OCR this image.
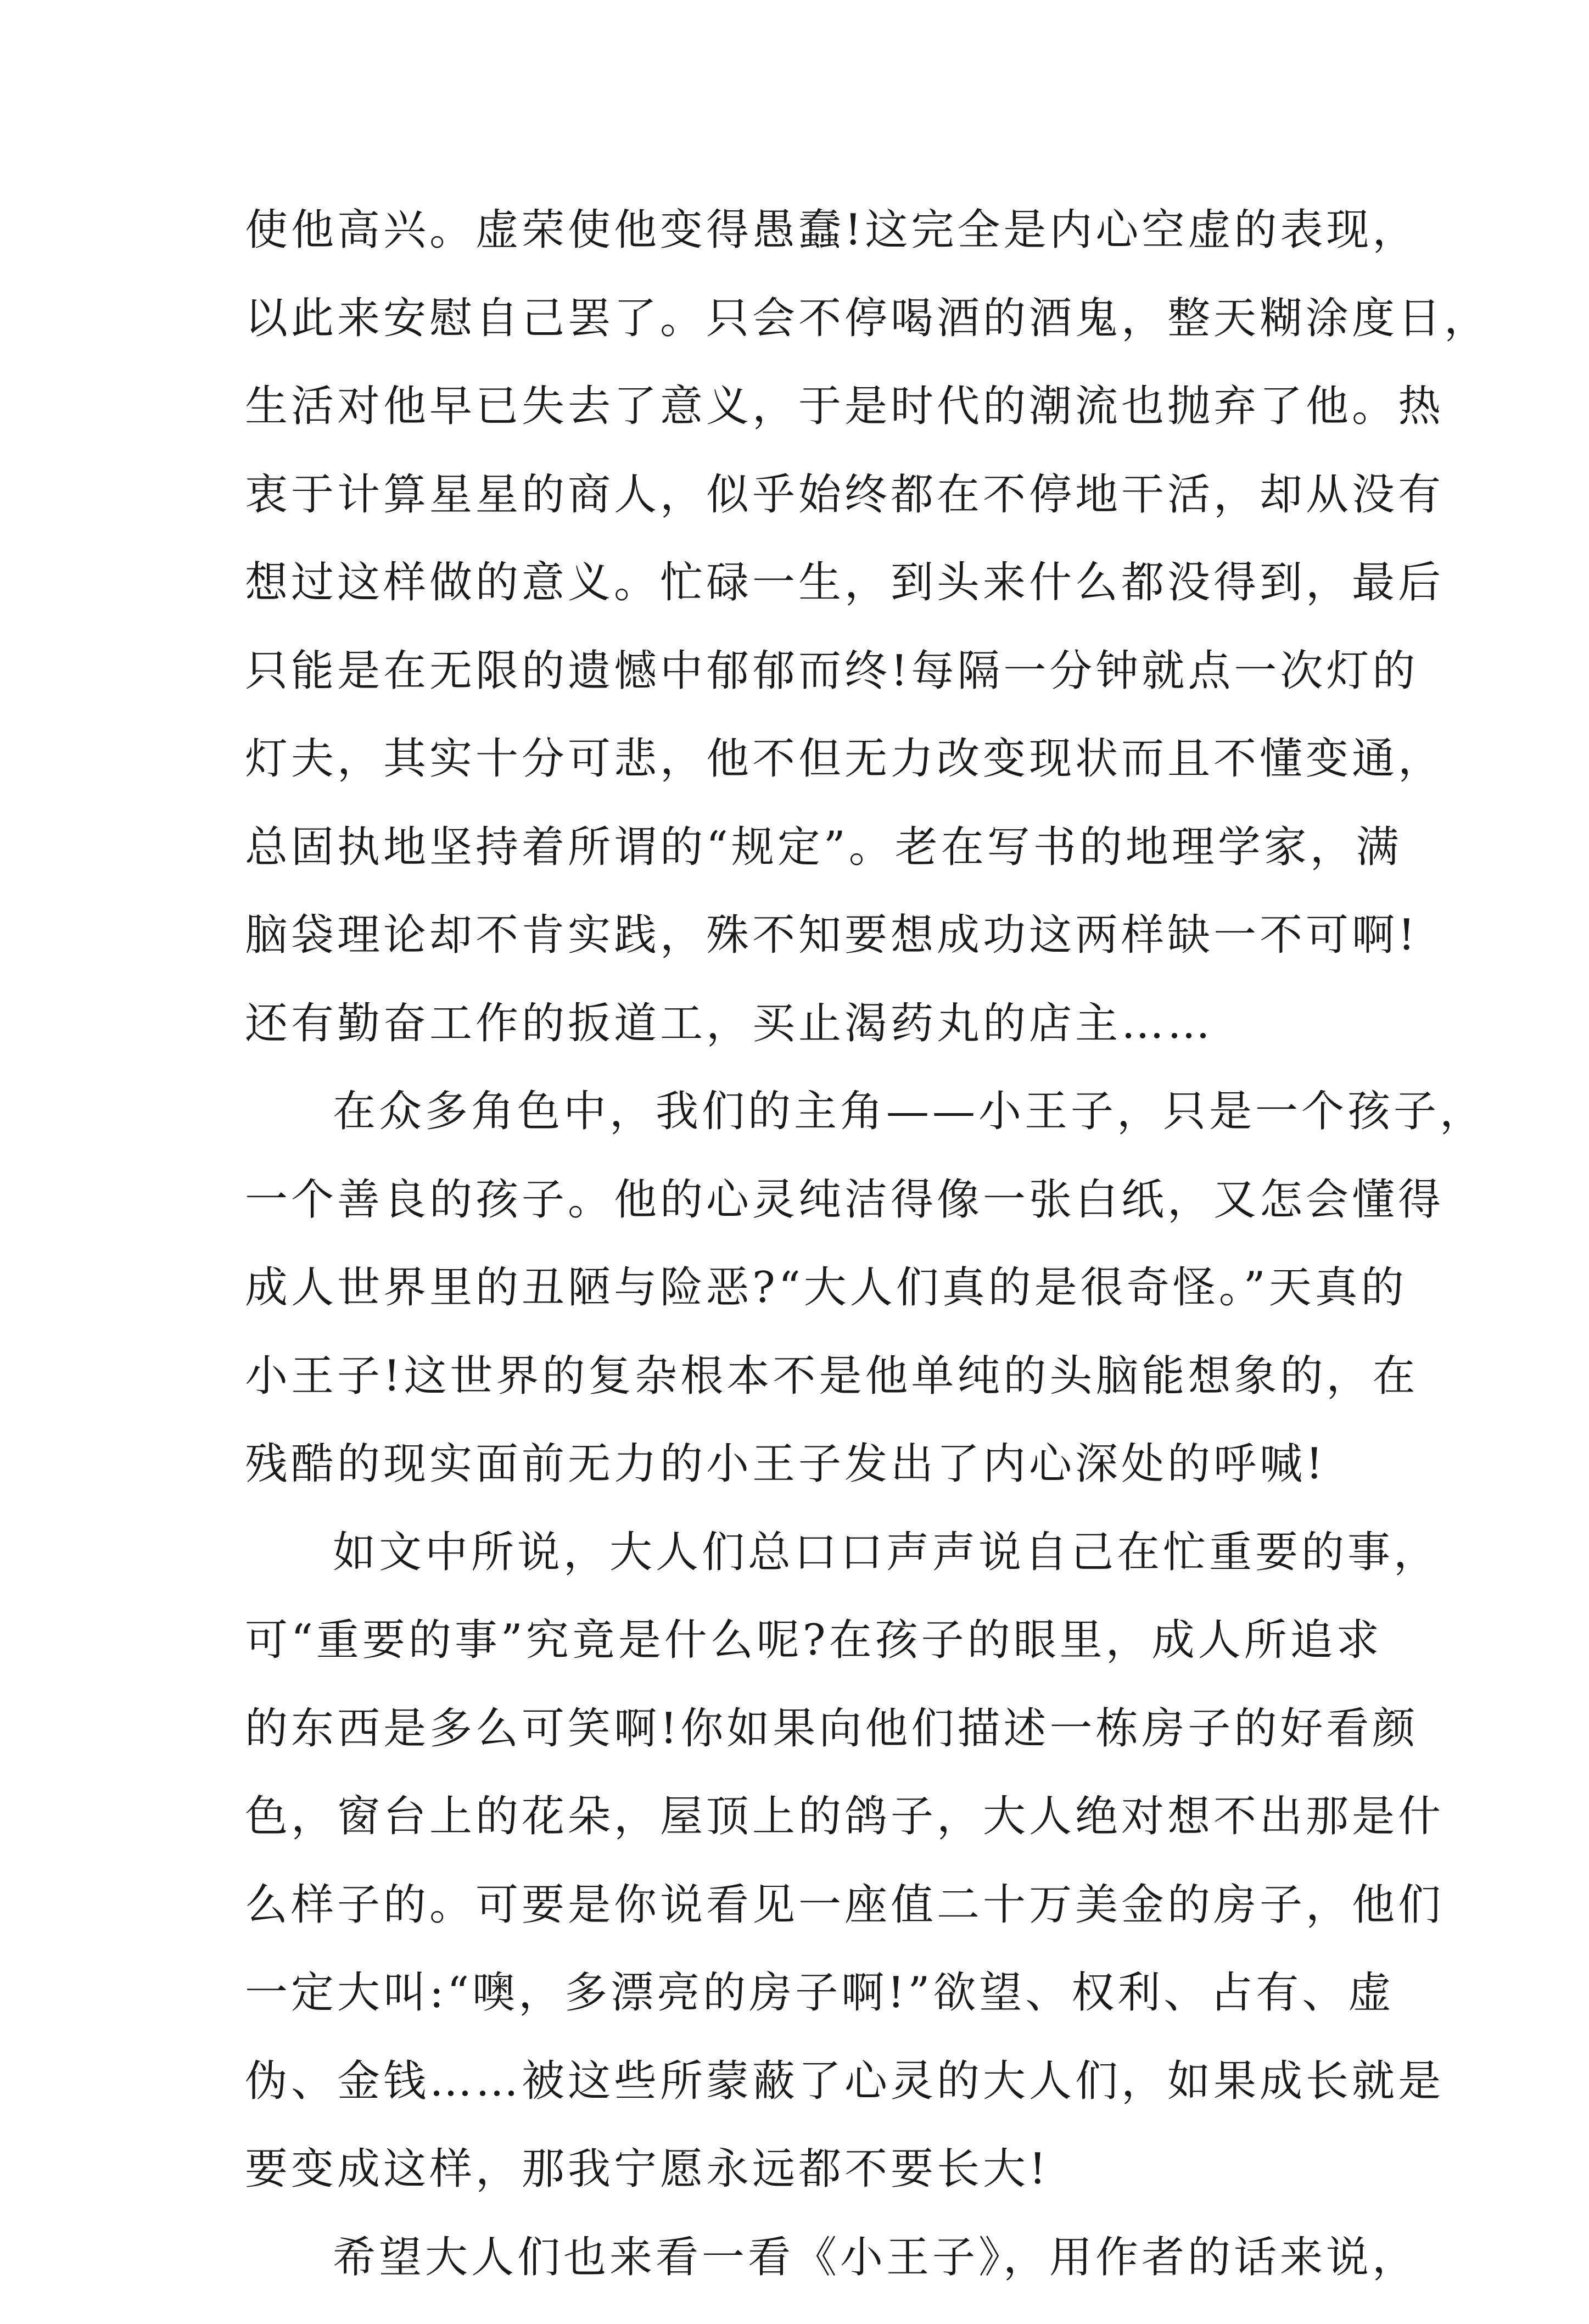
使他高兴。虚荣使他变得愚蠢!这完全是内心空虚的表现，
以此来安慰自己罢了。只会不停喝酒的酒鬼，整天糊涂度日，
生活对他早已失去了意义，于是时代的潮流也抛弃了他。热
衷于计算星星的商人，似乎始终都在不停地干活，却从没有
想过这样做的意义。忙碌一生，到头来什么都没得到，最后
只能是在无限的遗憾中郁郁而终!每隔一分钟就点一次灯的
灯夫，其实十分可悲，他不但无力改变现状而且不懂变通，
总固执地坚持着所谓的“规定”。老在写书的地理学家，满
脑袋理论却不肯实践，殊不知要想成功这两样缺一不可啊!
还有勤奋工作的扳道工，买止渴药丸的店主……
在众多角色中，我们的主角——小王子，只是一个孩子，
一个善良的孩子。他的心灵纯洁得像一张白纸，又怎会懂得
成人世界里的丑陋与险恶?“大人们真的是很奇怪。”天真的
小王子!这世界的复杂根本不是他单纯的头脑能想象的，在
残酷的现实面前无力的小王子发出了内心深处的呼喊!
如文中所说，大人们总口口声声说自己在忙重要的事，
可“重要的事”究竟是什么呢?在孩子的眼里，成人所追求
的东西是多么可笑啊!你如果向他们描述一栋房子的好看颜
色，窗台上的花朵，屋顶上的鸽子，大人绝对想不出那是什
么样子的。可要是你说看见一座值二十万美金的房子，他们
一定大叫:“噢，多漂亮的房子啊!”欲望、权利、占有、虚
伪、金钱……被这些所蒙蔽了心灵的大人们，如果成长就是
要变成这样，那我宁愿永远都不要长大!
希望大人们也来看一看《小王子》，用作者的话来说，
